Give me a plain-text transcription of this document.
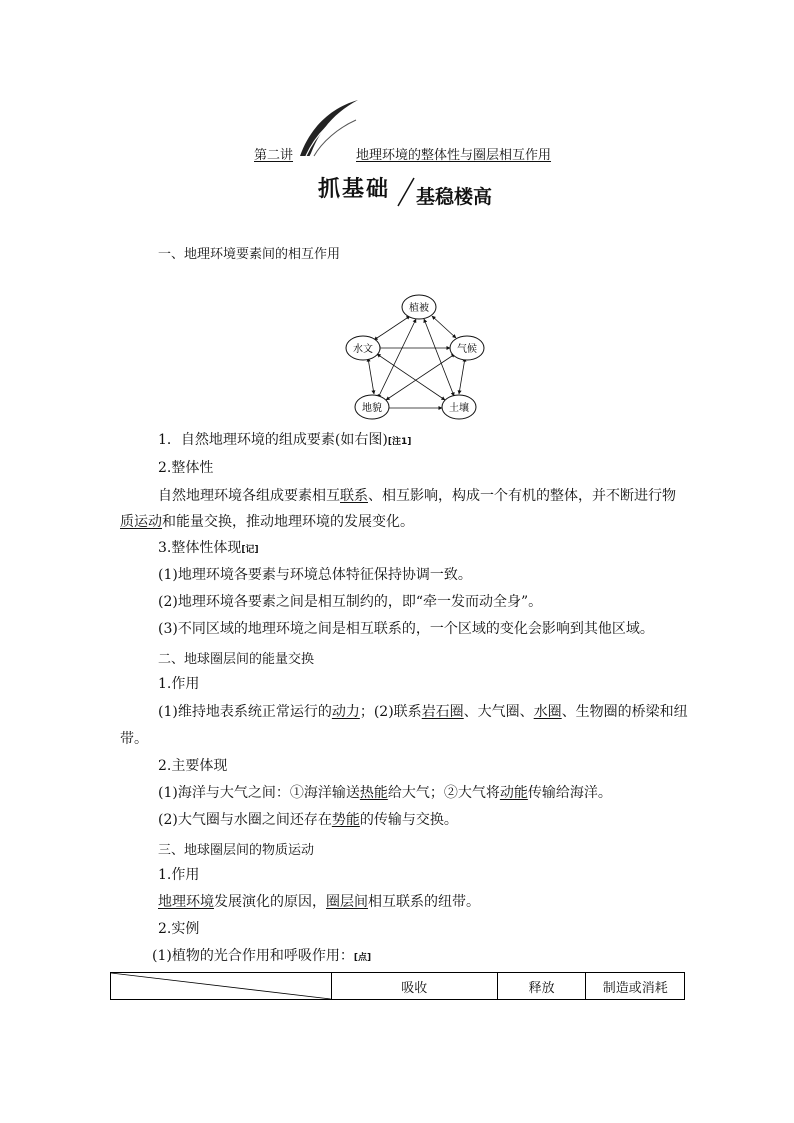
第二讲	地理环境的整体性与圈层相互作用
抓基础 基稳楼高
一、地理环境要素间的相互作用
植被
水文	气候
地貌	土壤
1．自然地理环境的组成要素(如右图)[注1]
2.整体性
自然地理环境各组成要素相互联系、相互影响，构成一个有机的整体，并不断进行物
质运动和能量交换，推动地理环境的发展变化。
3.整体性体现[记]
(1)地理环境各要素与环境总体特征保持协调一致。
(2)地理环境各要素之间是相互制约的，即“牵一发而动全身”。
(3)不同区域的地理环境之间是相互联系的，一个区域的变化会影响到其他区域。
二、地球圈层间的能量交换
1.作用
(1)维持地表系统正常运行的动力；(2)联系岩石圈、大气圈、水圈、生物圈的桥梁和纽
带。
2.主要体现
(1)海洋与大气之间：①海洋输送热能给大气；②大气将动能传输给海洋。
(2)大气圈与水圈之间还存在势能的传输与交换。
三、地球圈层间的物质运动
1.作用
地理环境发展演化的原因，圈层间相互联系的纽带。
2.实例
(1)植物的光合作用和呼吸作用：[点]
	吸收	释放	制造或消耗
